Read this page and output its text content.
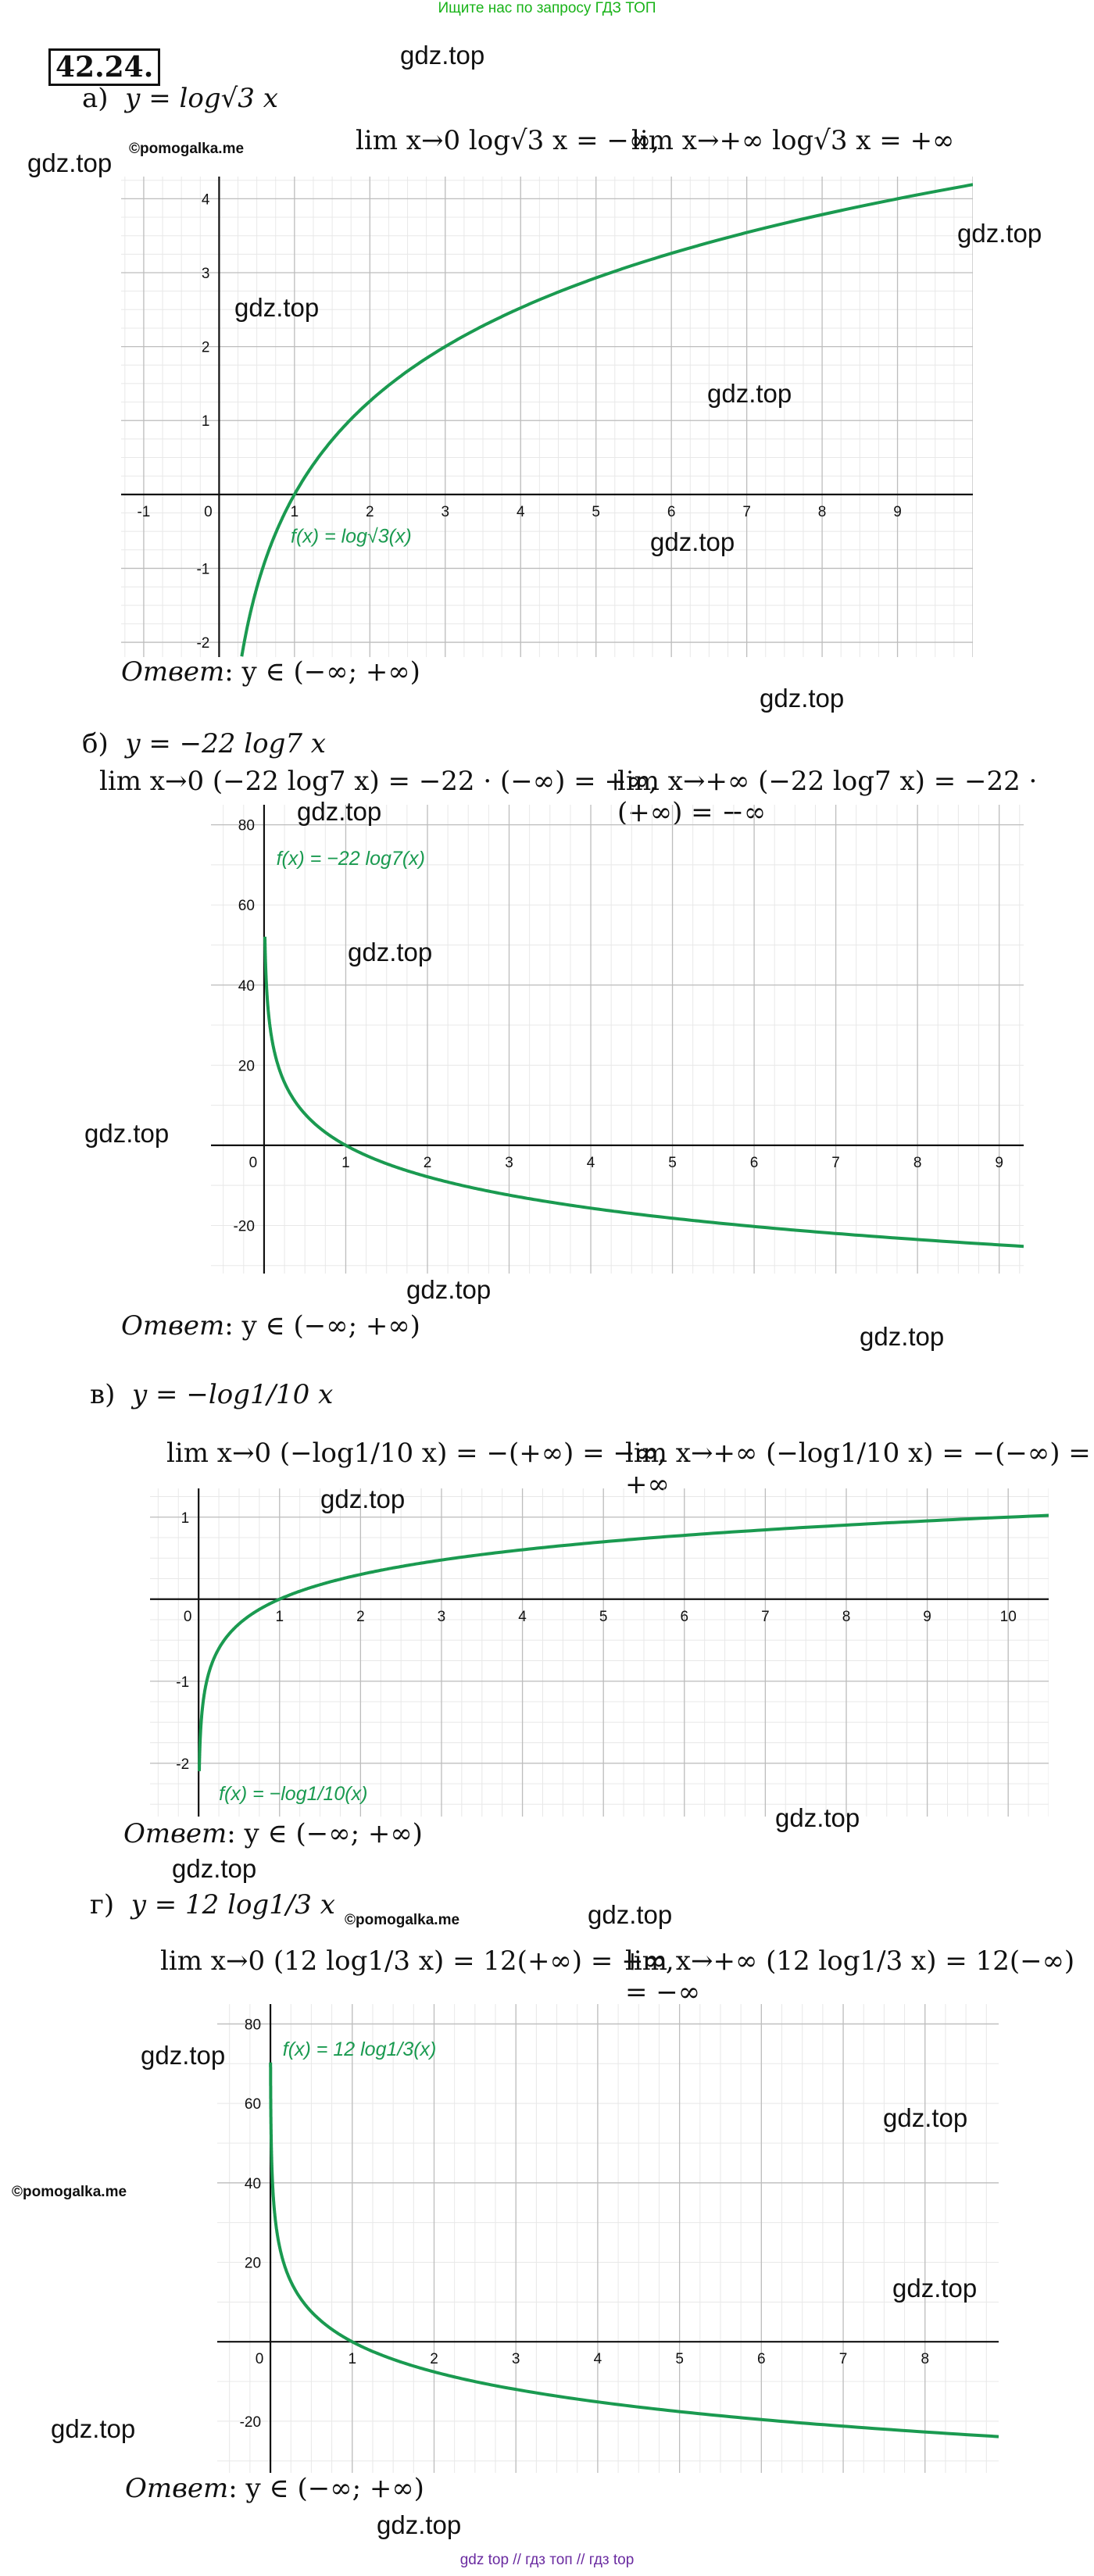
Ищите нас по запросу ГДЗ ТОП
gdz top // гдз топ // гдз top
42.24.
а) y = log√3 x
lim x→0 log√3 x = −∞,
lim x→+∞ log√3 x = +∞
-1	0	1	2	3	4	5	6	7	8	9
-2
-1
1
2
3
4
f(x) = log√3(x)
Ответ: y ∈ (−∞; +∞)
б) y = −22 log7 x
lim x→0 (−22 log7 x) = −22 · (−∞) = +∞,
lim x→+∞ (−22 log7 x) = −22 · (+∞) = −∞
0	1	2	3	4	5	6	7	8	9
-20
20
40
60
80
f(x) = −22 log7(x)
Ответ: y ∈ (−∞; +∞)
в) y = −log1/10 x
lim x→0 (−log1/10 x) = −(+∞) = −∞,
lim x→+∞ (−log1/10 x) = −(−∞) = +∞
0	1	2	3	4	5	6	7	8	9	10
-2
-1
1
f(x) = −log1/10(x)
Ответ: y ∈ (−∞; +∞)
г) y = 12 log1/3 x
lim x→0 (12 log1/3 x) = 12(+∞) = +∞,
lim x→+∞ (12 log1/3 x) = 12(−∞) = −∞
0	1	2	3	4	5	6	7	8
-20
20
40
60
80
f(x) = 12 log1/3(x)
Ответ: y ∈ (−∞; +∞)
gdz.top
gdz.top ©pomogalka.me
gdz.top
gdz.top
gdz.top
gdz.top
gdz.top
gdz.top
gdz.top
gdz.top
gdz.top
gdz.top
gdz.top
gdz.top
gdz.top
gdz.top
©pomogalka.me
gdz.top
gdz.top
©pomogalka.me
gdz.top
gdz.top
gdz.top
